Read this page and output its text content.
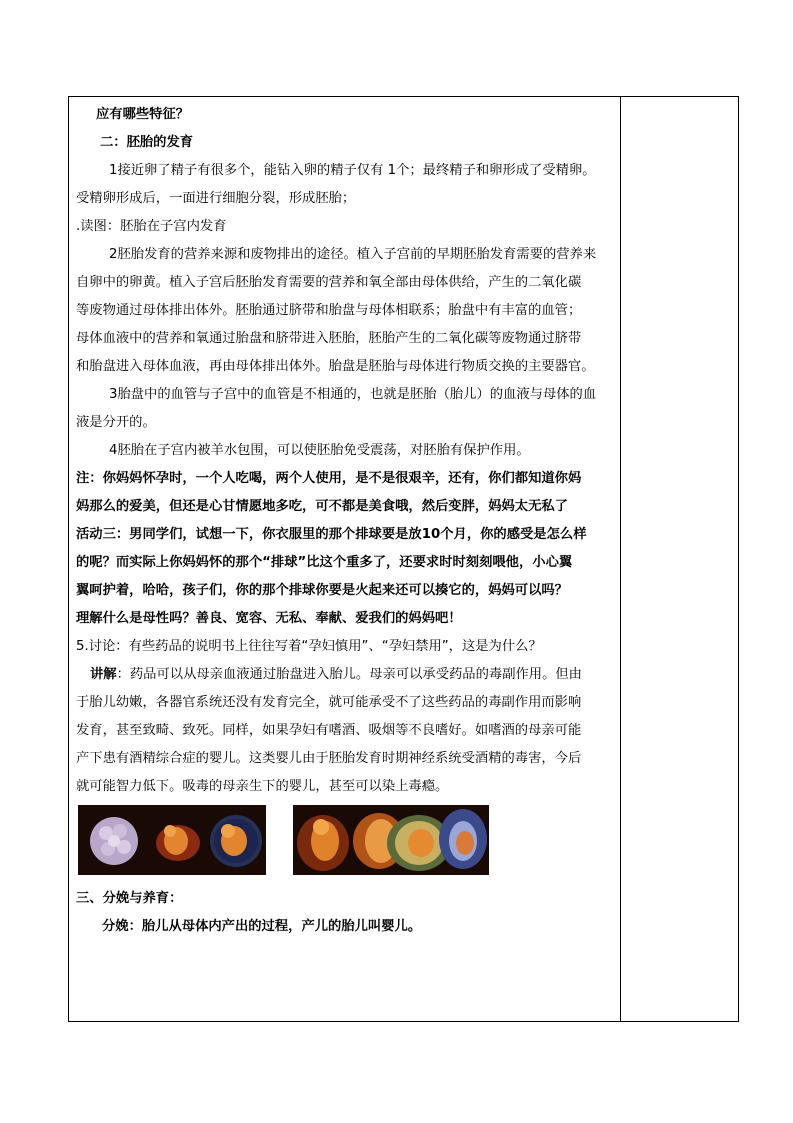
应有哪些特征？
二：胚胎的发育
1接近卵了精子有很多个，能钻入卵的精子仅有 1个；最终精子和卵形成了受精卵。
受精卵形成后，一面进行细胞分裂，形成胚胎；
.读图：胚胎在子宫内发育
2胚胎发育的营养来源和废物排出的途径。植入子宫前的早期胚胎发育需要的营养来
自卵中的卵黄。植入子宫后胚胎发育需要的营养和氧全部由母体供给，产生的二氧化碳
等废物通过母体排出体外。胚胎通过脐带和胎盘与母体相联系；胎盘中有丰富的血管；
母体血液中的营养和氧通过胎盘和脐带进入胚胎，胚胎产生的二氧化碳等废物通过脐带
和胎盘进入母体血液，再由母体排出体外。胎盘是胚胎与母体进行物质交换的主要器官。
3胎盘中的血管与子宫中的血管是不相通的，也就是胚胎（胎儿）的血液与母体的血
液是分开的。
4胚胎在子宫内被羊水包围，可以使胚胎免受震荡，对胚胎有保护作用。
注：你妈妈怀孕时，一个人吃喝，两个人使用，是不是很艰辛，还有，你们都知道你妈
妈那么的爱美，但还是心甘情愿地多吃，可不都是美食哦，然后变胖，妈妈太无私了
活动三：男同学们，试想一下，你衣服里的那个排球要是放10个月，你的感受是怎么样
的呢？而实际上你妈妈怀的那个“排球”比这个重多了，还要求时时刻刻喂他，小心翼
翼呵护着，哈哈，孩子们，你的那个排球你要是火起来还可以揍它的，妈妈可以吗？
理解什么是母性吗？善良、宽容、无私、奉献、爱我们的妈妈吧！
5.讨论：有些药品的说明书上往往写着“孕妇慎用”、“孕妇禁用”，这是为什么？
讲解：药品可以从母亲血液通过胎盘进入胎儿。母亲可以承受药品的毒副作用。但由
于胎儿幼嫩，各器官系统还没有发育完全，就可能承受不了这些药品的毒副作用而影响
发育，甚至致畸、致死。同样，如果孕妇有嗜酒、吸烟等不良嗜好。如嗜酒的母亲可能
产下患有酒精综合症的婴儿。这类婴儿由于胚胎发育时期神经系统受酒精的毒害，今后
就可能智力低下。吸毒的母亲生下的婴儿，甚至可以染上毒瘾。
三、分娩与养育：
分娩：胎儿从母体内产出的过程，产儿的胎儿叫婴儿。
